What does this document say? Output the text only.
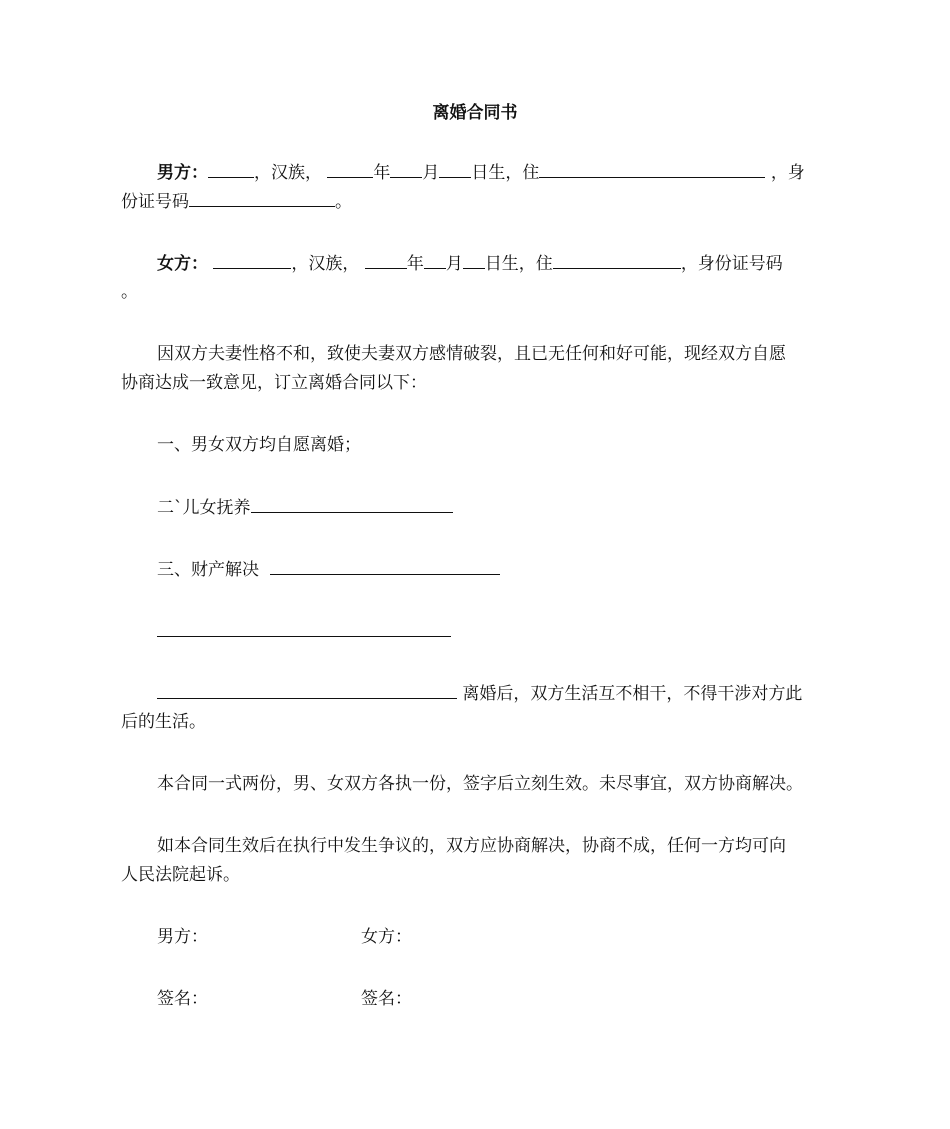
离婚合同书
男方：	，汉族，	年 月 日生，住	，身
份证号码	。
女方：	，汉族，	年 月 日生，住	，身份证号码
。
因双方夫妻性格不和，致使夫妻双方感情破裂，且已无任何和好可能，现经双方自愿
协商达成一致意见，订立离婚合同以下：
一、男女双方均自愿离婚；
二`儿女抚养
三、财产解决
离婚后，双方生活互不相干，不得干涉对方此
后的生活。
本合同一式两份，男、女双方各执一份，签字后立刻生效。未尽事宜，双方协商解决。
如本合同生效后在执行中发生争议的，双方应协商解决，协商不成，任何一方均可向
人民法院起诉。
男方：	女方：
签名：	签名：
